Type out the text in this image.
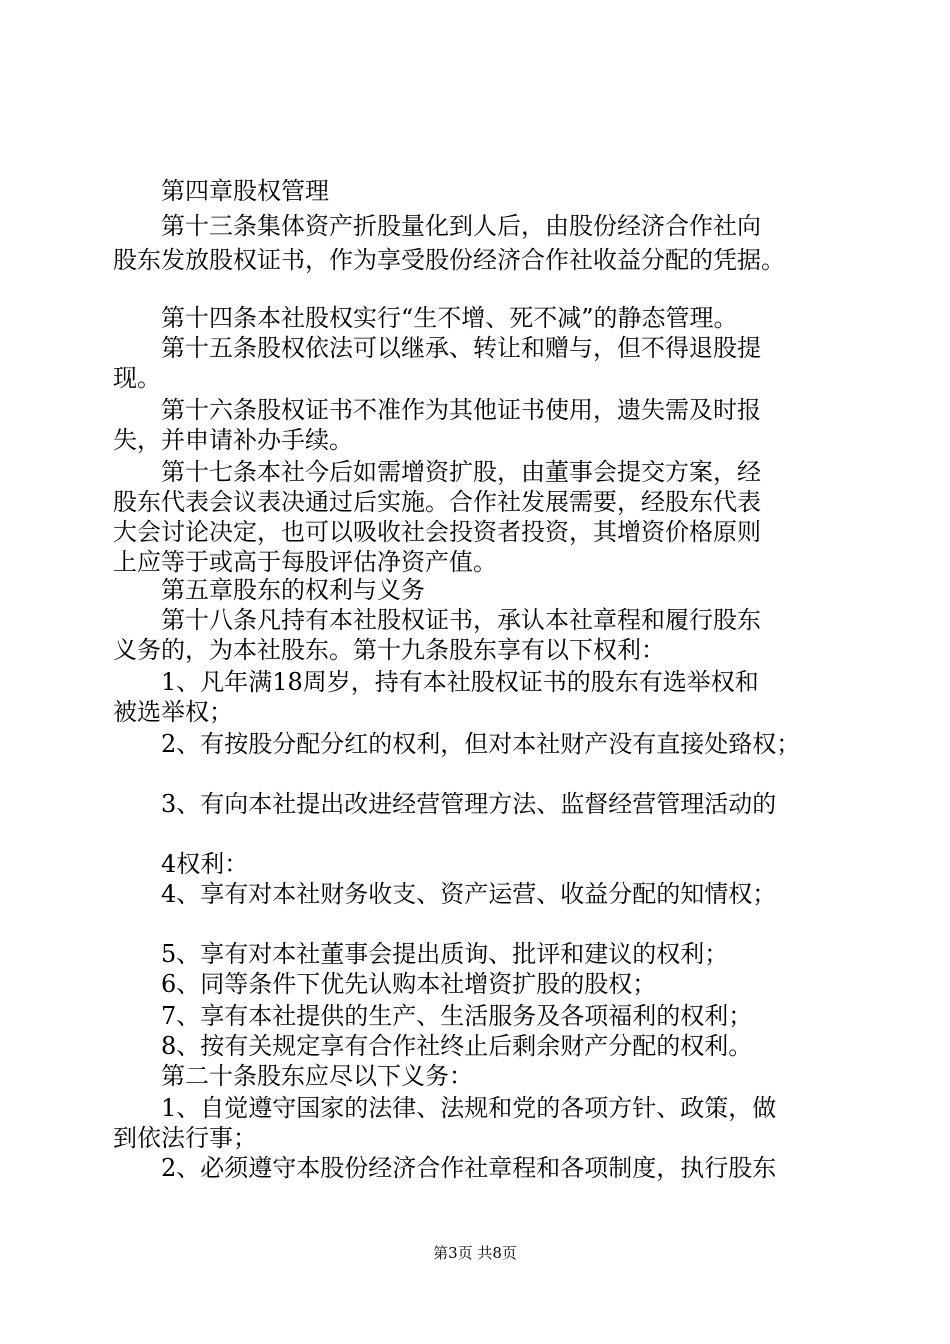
　　第四章股权管理
　　第十三条集体资产折股量化到人后，由股份经济合作社向
股东发放股权证书，作为享受股份经济合作社收益分配的凭据。
　　第十四条本社股权实行“生不增、死不减”的静态管理。
　　第十五条股权依法可以继承、转让和赠与，但不得退股提
现。
　　第十六条股权证书不准作为其他证书使用，遗失需及时报
失，并申请补办手续。
　　第十七条本社今后如需增资扩股，由董事会提交方案，经
股东代表会议表决通过后实施。合作社发展需要，经股东代表
大会讨论决定，也可以吸收社会投资者投资，其增资价格原则
上应等于或高于每股评估净资产值。
　　第五章股东的权利与义务
　　第十八条凡持有本社股权证书，承认本社章程和履行股东
义务的，为本社股东。第十九条股东享有以下权利：
　　1、凡年满18周岁，持有本社股权证书的股东有选举权和
被选举权；
　　2、有按股分配分红的权利，但对本社财产没有直接处臵权；
　　3、有向本社提出改进经营管理方法、监督经营管理活动的
　　4权利：
　　4、享有对本社财务收支、资产运营、收益分配的知情权；
　　5、享有对本社董事会提出质询、批评和建议的权利；
　　6、同等条件下优先认购本社增资扩股的股权；
　　7、享有本社提供的生产、生活服务及各项福利的权利；
　　8、按有关规定享有合作社终止后剩余财产分配的权利。
　　第二十条股东应尽以下义务：
　　1、自觉遵守国家的法律、法规和党的各项方针、政策，做
到依法行事；
　　2、必须遵守本股份经济合作社章程和各项制度，执行股东
第3页 共8页
